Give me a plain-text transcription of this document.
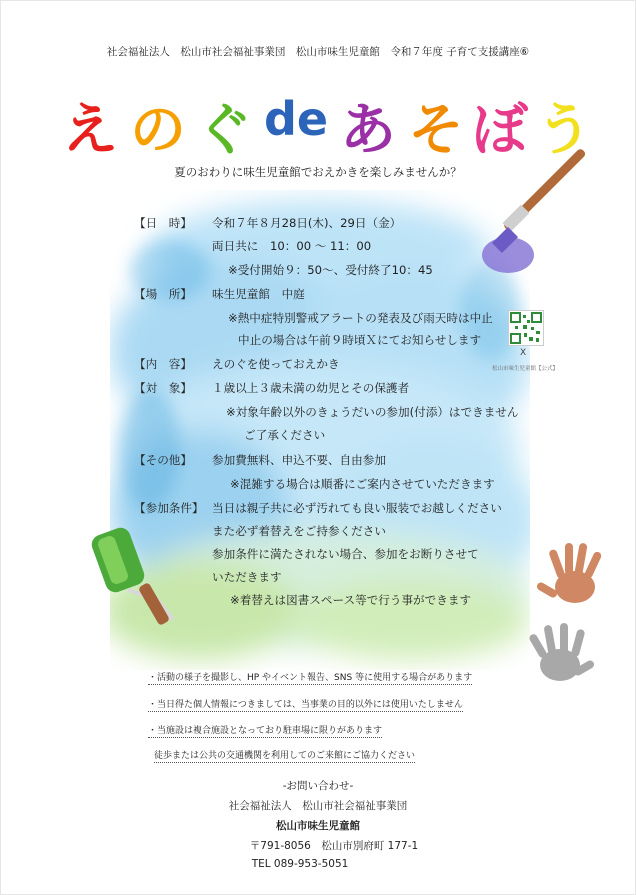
社会福祉法人　松山市社会福祉事業団　松山市味生児童館　令和７年度 子育て支援講座⑥
え の ぐ de あ そ ぼ う
夏のおわりに味生児童館でおえかきを楽しみませんか？
【日　時】 令和７年８月28日(木)、29日（金）
両日共に　10：00 ～ 11：00
※受付開始９：50～、受付終了10：45
【場　所】 味生児童館　中庭
※熱中症特別警戒アラートの発表及び雨天時は中止
中止の場合は午前９時頃Ｘにてお知らせします
X
松山市味生児童館【公式】
【内　容】 えのぐを使っておえかき
【対　象】 １歳以上３歳未満の幼児とその保護者
※対象年齢以外のきょうだいの参加(付添）はできません
ご了承ください
【その他】 参加費無料、申込不要、自由参加
※混雑する場合は順番にご案内させていただきます
【参加条件】 当日は親子共に必ず汚れても良い服装でお越しください
また必ず着替えをご持参ください
参加条件に満たされない場合、参加をお断りさせて
いただきます
※着替えは図書スペース等で行う事ができます
・活動の様子を撮影し、HP やイベント報告、SNS 等に使用する場合があります
・当日得た個人情報につきましては、当事業の目的以外には使用いたしません
・当施設は複合施設となっており駐車場に限りがあります
徒歩または公共の交通機関を利用してのご来館にご協力ください
-お問い合わせ-
社会福祉法人　松山市社会福祉事業団
松山市味生児童館
〒791-8056　松山市別府町 177-1
TEL 089-953-5051
